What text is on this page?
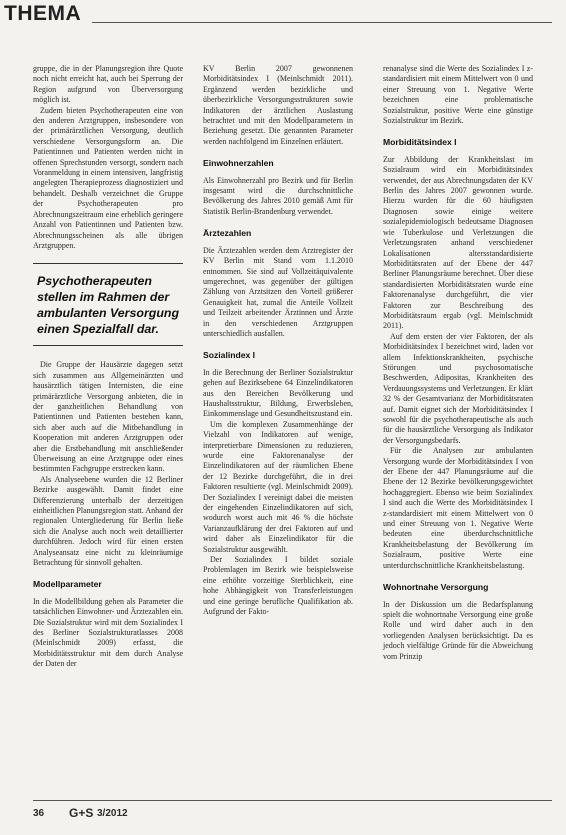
THEMA

gruppe, die in der Planungsregion ihre Quote noch nicht erreicht hat, auch bei Sperrung der Region aufgrund von Überversorgung möglich ist.

Zudem bieten Psychotherapeuten eine von den anderen Arztgruppen, insbesondere von der primärärztlichen Versorgung, deutlich verschiedene Versorgungsform an. Die Patientinnen und Patienten werden nicht in offenen Sprechstunden versorgt, sondern nach Voranmeldung in einem intensiven, langfristig angelegten Therapieprozess diagnostiziert und behandelt. Deshalb verzeichnet die Gruppe der Psychotherapeuten pro Abrechnungszeitraum eine erheblich geringere Anzahl von Patientinnen und Patienten bzw. Abrechnungsscheinen als alle übrigen Arztgruppen.

Psychotherapeuten stellen im Rahmen der ambulanten Versorgung einen Spezialfall dar.

Die Gruppe der Hausärzte dagegen setzt sich zusammen aus Allgemeinärzten und hausärztlich tätigen Internisten, die eine primärärztliche Versorgung anbieten, die in der ganzheitlichen Behandlung von Patientinnen und Patienten bestehen kann, sich aber auch auf die Mitbehandlung in Kooperation mit anderen Arztgruppen oder aber die Erstbehandlung mit anschließender Überweisung an eine Arztgruppe oder eines bestimmten Fachgruppe erstrecken kann.

Als Analyseebene wurden die 12 Berliner Bezirke ausgewählt. Damit findet eine Differenzierung unterhalb der derzeitigen einheitlichen Planungsregion statt. Anhand der regionalen Untergliederung für Berlin ließe sich die Analyse auch noch weit detaillierter durchführen. Jedoch wird für einen ersten Analyseansatz eine nicht zu kleinräumige Betrachtung für sinnvoll gehalten.

Modellparameter

In die Modellbildung gehen als Parameter die tatsächlichen Einwohner- und Ärztezahlen ein. Die Sozialstruktur wird mit dem Sozialindex I des Berliner Sozialstrukturatlasses 2008 (Meinlschmidt 2009) erfasst, die Morbiditätsstruktur mit dem durch Analyse der Daten der

KV Berlin 2007 gewonnenen Morbiditätsindex I (Meinlschmidt 2011). Ergänzend werden bezirkliche und überbezirkliche Versorgungsstrukturen sowie Indikatoren der ärztlichen Auslastung betrachtet und mit den Modellparametern in Beziehung gesetzt. Die genannten Parameter werden nachfolgend im Einzelnen erläutert.

Einwohnerzahlen

Als Einwohnerzahl pro Bezirk und für Berlin insgesamt wird die durchschnittliche Bevölkerung des Jahres 2010 gemäß Amt für Statistik Berlin-Brandenburg verwendet.

Ärztezahlen

Die Ärztezahlen werden dem Arztregister der KV Berlin mit Stand vom 1.1.2010 entnommen. Sie sind auf Vollzeitäquivalente umgerechnet, was gegenüber der gültigen Zählung von Arztsitzen den Vorteil größerer Genauigkeit hat, zumal die Anteile Vollzeit und Teilzeit arbeitender Ärztinnen und Ärzte in den verschiedenen Arztgruppen unterschiedlich ausfallen.

Sozialindex I

In die Berechnung der Berliner Sozialstruktur gehen auf Bezirksebene 64 Einzelindikatoren aus den Bereichen Bevölkerung und Haushaltsstruktur, Bildung, Erwerbsleben, Einkommenslage und Gesundheitszustand ein.

Um die komplexen Zusammenhänge der Vielzahl von Indikatoren auf wenige, interpretierbare Dimensionen zu reduzieren, wurde eine Faktorenanalyse der Einzelindikatoren auf der räumlichen Ebene der 12 Bezirke durchgeführt, die in drei Faktoren resultierte (vgl. Meinlschmidt 2009). Der Sozialindex I vereinigt dabei die meisten der eingehenden Einzelindikatoren auf sich, wodurch worst auch mit 46 % die höchste Varianzaufklärung der drei Faktoren auf und wird daher als Einzelindikator für die Sozialstruktur ausgewählt.

Der Sozialindex I bildet soziale Problemlagen im Bezirk wie beispielsweise eine erhöhte vorzeitige Sterblichkeit, eine hohe Abhängigkeit von Transferleistungen und eine geringe berufliche Qualifikation ab. Aufgrund der Fakto-

renanalyse sind die Werte des Sozialindex I z-standardisiert mit einem Mittelwert von 0 und einer Streuung von 1. Negative Werte bezeichnen eine problematische Sozialstruktur, positive Werte eine günstige Sozialstruktur im Bezirk.

Morbiditätsindex I

Zur Abbildung der Krankheitslast im Sozialraum wird ein Morbiditätsindex verwendet, der aus Abrechnungsdaten der KV Berlin des Jahres 2007 gewonnen wurde. Hierzu wurden für die 60 häufigsten Diagnosen sowie einige weitere sozialepidemiologisch bedeutsame Diagnosen wie Tuberkulose und Verletzungen die Verletzungsraten anhand verschiedener Lokalisationen altersstandardisierte Morbiditätsraten auf der Ebene der 447 Berliner Planungsräume berechnet. Über diese standardisierten Morbiditätsraten wurde eine Faktorenanalyse durchgeführt, die vier Faktoren zur Beschreibung des Morbiditätsraum ergab (vgl. Meinlschmidt 2011).

Auf dem ersten der vier Faktoren, der als Morbiditätsindex I bezeichnet wird, laden vor allem Infektionskrankheiten, psychische Störungen und psychosomatische Beschwerden, Adipositas, Krankheiten des Verdauungssystems und Verletzungen. Er klärt 32 % der Gesamtvarianz der Morbiditätsraten auf. Damit eignet sich der Morbiditätsindex I sowohl für die psychotherapeutische als auch für die hausärztliche Versorgung als Indikator der Versorgungsbedarfs.

Für die Analysen zur ambulanten Versorgung wurde der Morbiditätsindex I von der Ebene der 447 Planungsräume auf die Ebene der 12 Bezirke bevölkerungsgewichtet hochaggregiert. Ebenso wie beim Sozialindex I sind auch die Werte des Morbiditätsindex I z-standardisiert mit einem Mittelwert von 0 und einer Streuung von 1. Negative Werte bedeuten eine überdurchschnittliche Krankheitsbelastung der Bevölkerung im Sozialraum, positive Werte eine unterdurchschnittliche Krankheitsbelastung.

Wohnortnahe Versorgung

In der Diskussion um die Bedarfsplanung spielt die wohnortnahe Versorgung eine große Rolle und wird daher auch in den vorliegenden Analysen berücksichtigt. Da es jedoch vielfältige Gründe für die Abweichung vom Prinzip

36 G+S 3/2012
